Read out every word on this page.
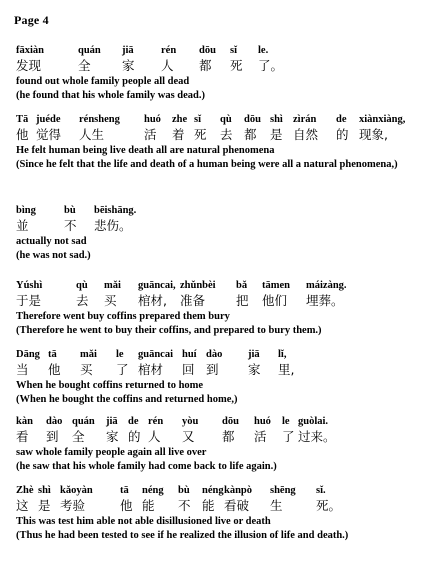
Page 4
fāxiàn	quán jiā	rén dōu sǐ le.
发现	全	家 人 都 死 了。
found out whole family people all dead
(he found that his whole family was dead.)
Tā juéde rénsheng huó zhe sǐ qù dōu shì zìrán de xiànxiàng,
他 觉得 人生	活 着 死 去 都 是 自然 的 现象,
He felt human being live death all are natural phenomena
(Since he felt that the life and death of a human being were all a natural phenomena,)
bìng	bù bēishāng.
並	不 悲伤。
actually not sad
(he was not sad.)
Yúshì	qù mǎi guāncai, zhǔnbèi bǎ tāmen máizàng.
于是	去 买 棺材, 准备 把 他们 埋葬。
Therefore went buy coffins prepared them bury
(Therefore he went to buy their coffins, and prepared to bury them.)
Dāng tā mǎi le guāncai huí dào jiā lǐ,
当 他 买 了 棺材 回 到 家 里,
When he bought coffins returned to home
(When he bought the coffins and returned home,)
kàn dào quán jiā de rén yòu dōu huó le guòlai.
看 到 全 家 的 人 又 都 活 了 过来。
saw whole family people again all live over
(he saw that his whole family had come back to life again.)
Zhè shì kǎoyàn	tā néng bù néng kànpò shēng sǐ.
这 是 考验	他 能 不 能 看破 生	死。
This was test him able not able disillusioned live or death
(Thus he had been tested to see if he realized the illusion of life and death.)
